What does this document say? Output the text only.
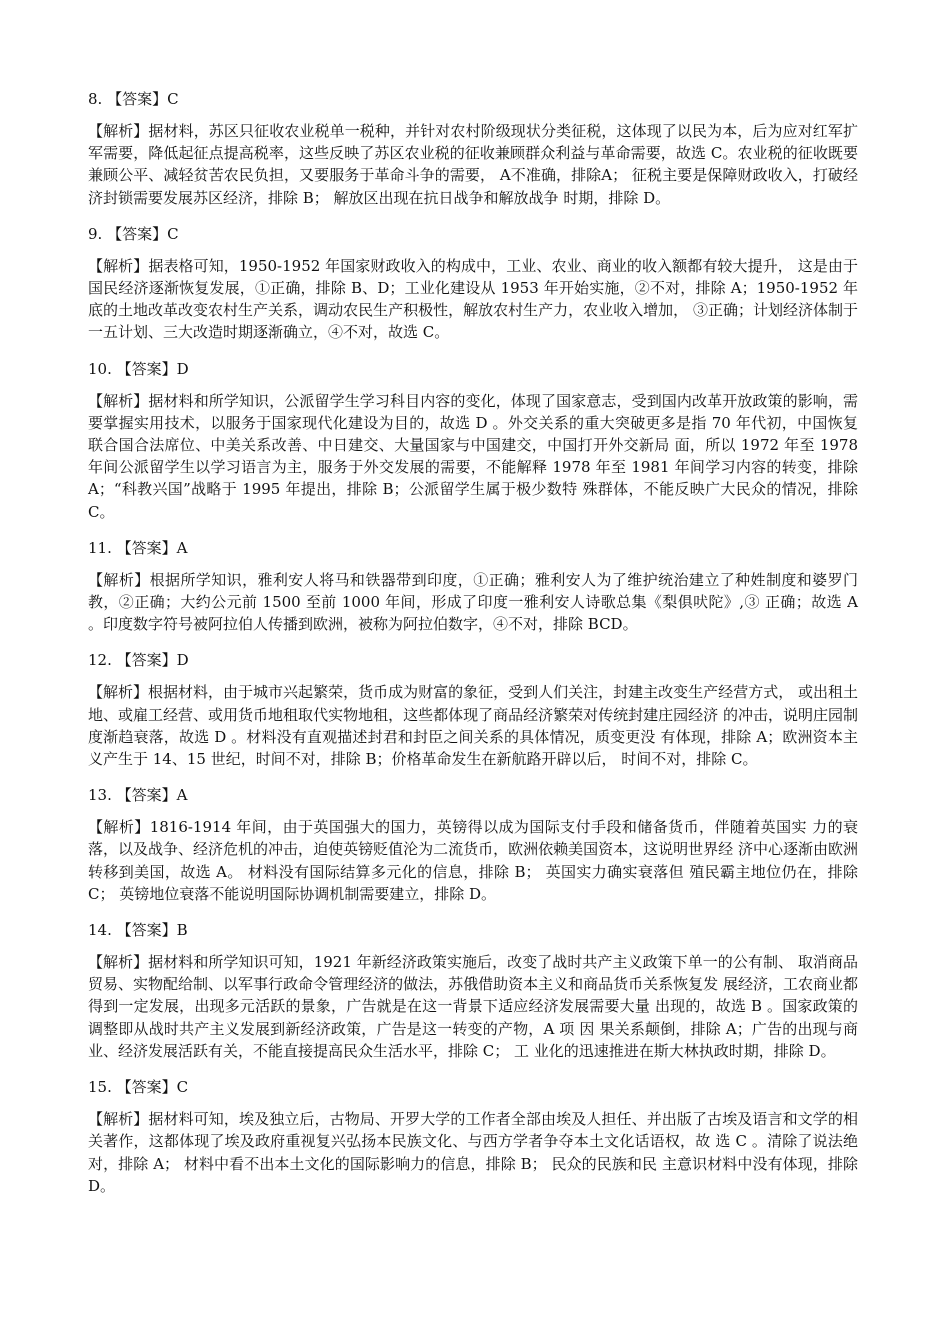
8. 【答案】C

【解析】据材料，苏区只征收农业税单一税种，并针对农村阶级现状分类征税，这体现了以民为本，后为应对红军扩军需要，降低起征点提高税率，这些反映了苏区农业税的征收兼顾群众利益与革命需要，故选 C。农业税的征收既要兼顾公平、减轻贫苦农民负担，又要服务于革命斗争的需要， A不准确，排除A； 征税主要是保障财政收入，打破经济封锁需要发展苏区经济，排除 B； 解放区出现在抗日战争和解放战争 时期，排除 D。

9. 【答案】C

【解析】据表格可知，1950-1952 年国家财政收入的构成中，工业、农业、商业的收入额都有较大提升， 这是由于国民经济逐渐恢复发展，①正确，排除 B、D；工业化建设从 1953 年开始实施，②不对，排除 A；1950-1952 年底的土地改革改变农村生产关系，调动农民生产积极性，解放农村生产力，农业收入增加， ③正确；计划经济体制于一五计划、三大改造时期逐渐确立，④不对，故选 C。

10. 【答案】D

【解析】据材料和所学知识，公派留学生学习科目内容的变化，体现了国家意志，受到国内改革开放政策的影响，需要掌握实用技术，以服务于国家现代化建设为目的，故选 D 。外交关系的重大突破更多是指 70 年代初，中国恢复联合国合法席位、中美关系改善、中日建交、大量国家与中国建交，中国打开外交新局 面，所以 1972 年至 1978 年间公派留学生以学习语言为主，服务于外交发展的需要，不能解释 1978 年至 1981 年间学习内容的转变，排除 A；“科教兴国”战略于 1995 年提出，排除 B；公派留学生属于极少数特 殊群体，不能反映广大民众的情况，排除C。

11. 【答案】A

【解析】根据所学知识，雅利安人将马和铁器带到印度，①正确；雅利安人为了维护统治建立了种姓制度和婆罗门教，②正确；大约公元前 1500 至前 1000 年间，形成了印度一雅利安人诗歌总集《梨俱吠陀》,③ 正确；故选 A 。印度数字符号被阿拉伯人传播到欧洲，被称为阿拉伯数字，④不对，排除 BCD。

12. 【答案】D

【解析】根据材料，由于城市兴起繁荣，货币成为财富的象征，受到人们关注，封建主改变生产经营方式， 或出租土地、或雇工经营、或用货币地租取代实物地租，这些都体现了商品经济繁荣对传统封建庄园经济 的冲击，说明庄园制度渐趋衰落，故选 D 。材料没有直观描述封君和封臣之间关系的具体情况，质变更没 有体现，排除 A；欧洲资本主义产生于 14、15 世纪，时间不对，排除 B；价格革命发生在新航路开辟以后， 时间不对，排除 C。

13. 【答案】A

【解析】1816-1914 年间，由于英国强大的国力，英镑得以成为国际支付手段和储备货币，伴随着英国实 力的衰落，以及战争、经济危机的冲击，迫使英镑贬值沦为二流货币，欧洲依赖美国资本，这说明世界经 济中心逐渐由欧洲转移到美国，故选 A。 材料没有国际结算多元化的信息，排除 B； 英国实力确实衰落但 殖民霸主地位仍在，排除 C； 英镑地位衰落不能说明国际协调机制需要建立，排除 D。

14. 【答案】B

【解析】据材料和所学知识可知，1921 年新经济政策实施后，改变了战时共产主义政策下单一的公有制、 取消商品贸易、实物配给制、以军事行政命令管理经济的做法，苏俄借助资本主义和商品货币关系恢复发 展经济，工农商业都得到一定发展，出现多元活跃的景象，广告就是在这一背景下适应经济发展需要大量 出现的，故选 B 。国家政策的调整即从战时共产主义发展到新经济政策，广告是这一转变的产物，A 项 因 果关系颠倒，排除 A；广告的出现与商业、经济发展活跃有关，不能直接提高民众生活水平，排除 C； 工 业化的迅速推进在斯大林执政时期，排除 D。

15. 【答案】C

【解析】据材料可知，埃及独立后，古物局、开罗大学的工作者全部由埃及人担任、并出版了古埃及语言和文学的相关著作，这都体现了埃及政府重视复兴弘扬本民族文化、与西方学者争夺本土文化话语权，故 选 C 。清除了说法绝对，排除 A； 材料中看不出本土文化的国际影响力的信息，排除 B； 民众的民族和民 主意识材料中没有体现，排除 D。
